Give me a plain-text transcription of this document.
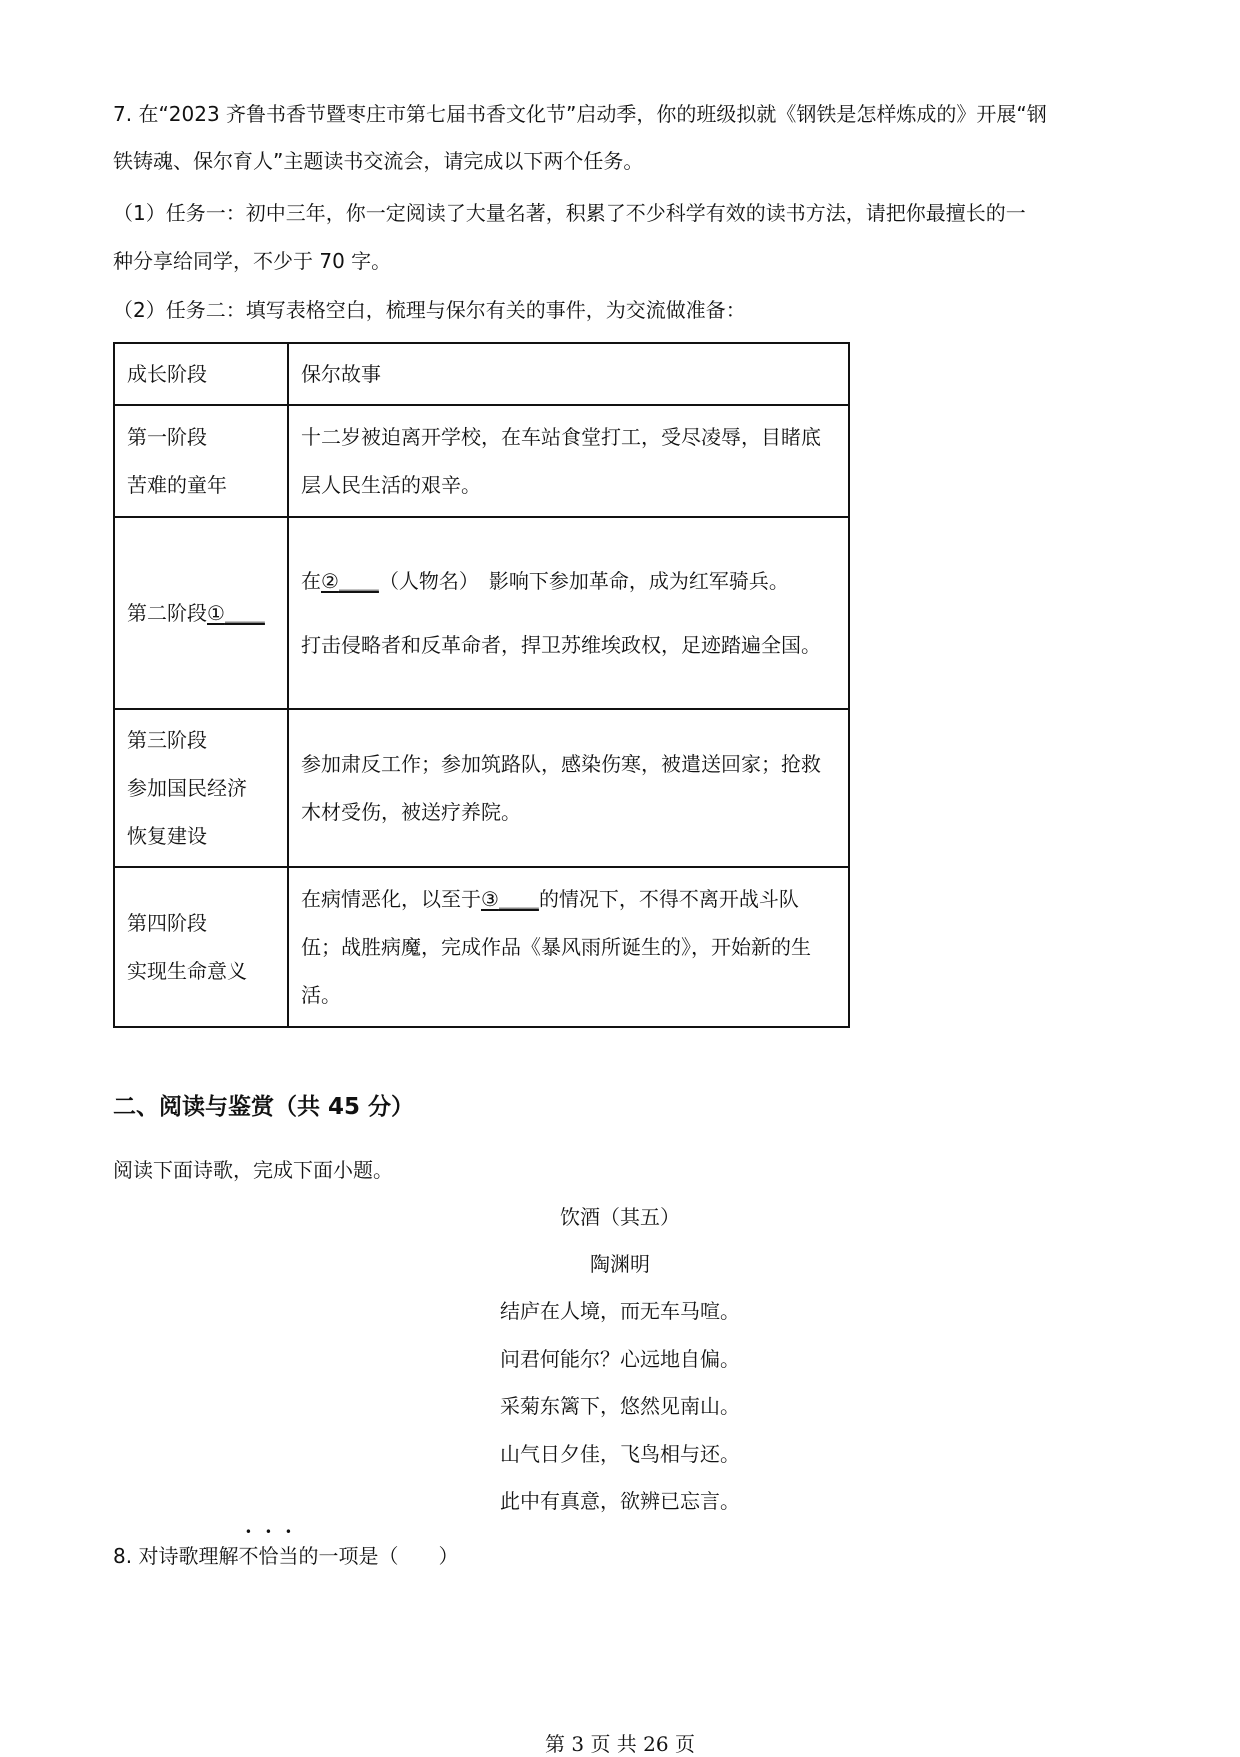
7. 在“2023 齐鲁书香节暨枣庄市第七届书香文化节”启动季，你的班级拟就《钢铁是怎样炼成的》开展“钢
铁铸魂、保尔育人”主题读书交流会，请完成以下两个任务。
（1）任务一：初中三年，你一定阅读了大量名著，积累了不少科学有效的读书方法，请把你最擅长的一
种分享给同学，不少于 70 字。
（2）任务二：填写表格空白，梳理与保尔有关的事件，为交流做准备：
成长阶段	保尔故事

第一阶段
苦难的童年	十二岁被迫离开学校，在车站食堂打工，受尽凌辱，目睹底层人民生活的艰辛。

第二阶段①＿＿	在②＿＿（人物名）　影响下参加革命，成为红军骑兵。
打击侵略者和反革命者，捍卫苏维埃政权，足迹踏遍全国。

第三阶段
参加国民经济
恢复建设	参加肃反工作；参加筑路队，感染伤寒，被遣送回家；抢救木材受伤，被送疗养院。

第四阶段
实现生命意义	在病情恶化，以至于③＿＿的情况下，不得不离开战斗队伍；战胜病魔，完成作品《暴风雨所诞生的》，开始新的生活。
二、阅读与鉴赏（共 45 分）
阅读下面诗歌，完成下面小题。
饮酒（其五）
陶渊明
结庐在人境，而无车马喧。
问君何能尔？心远地自偏。
采菊东篱下，悠然见南山。
山气日夕佳，飞鸟相与还。
此中有真意，欲辨已忘言。
8. 对诗歌理解不恰当的一项是（　　）
第 3 页 共 26 页
